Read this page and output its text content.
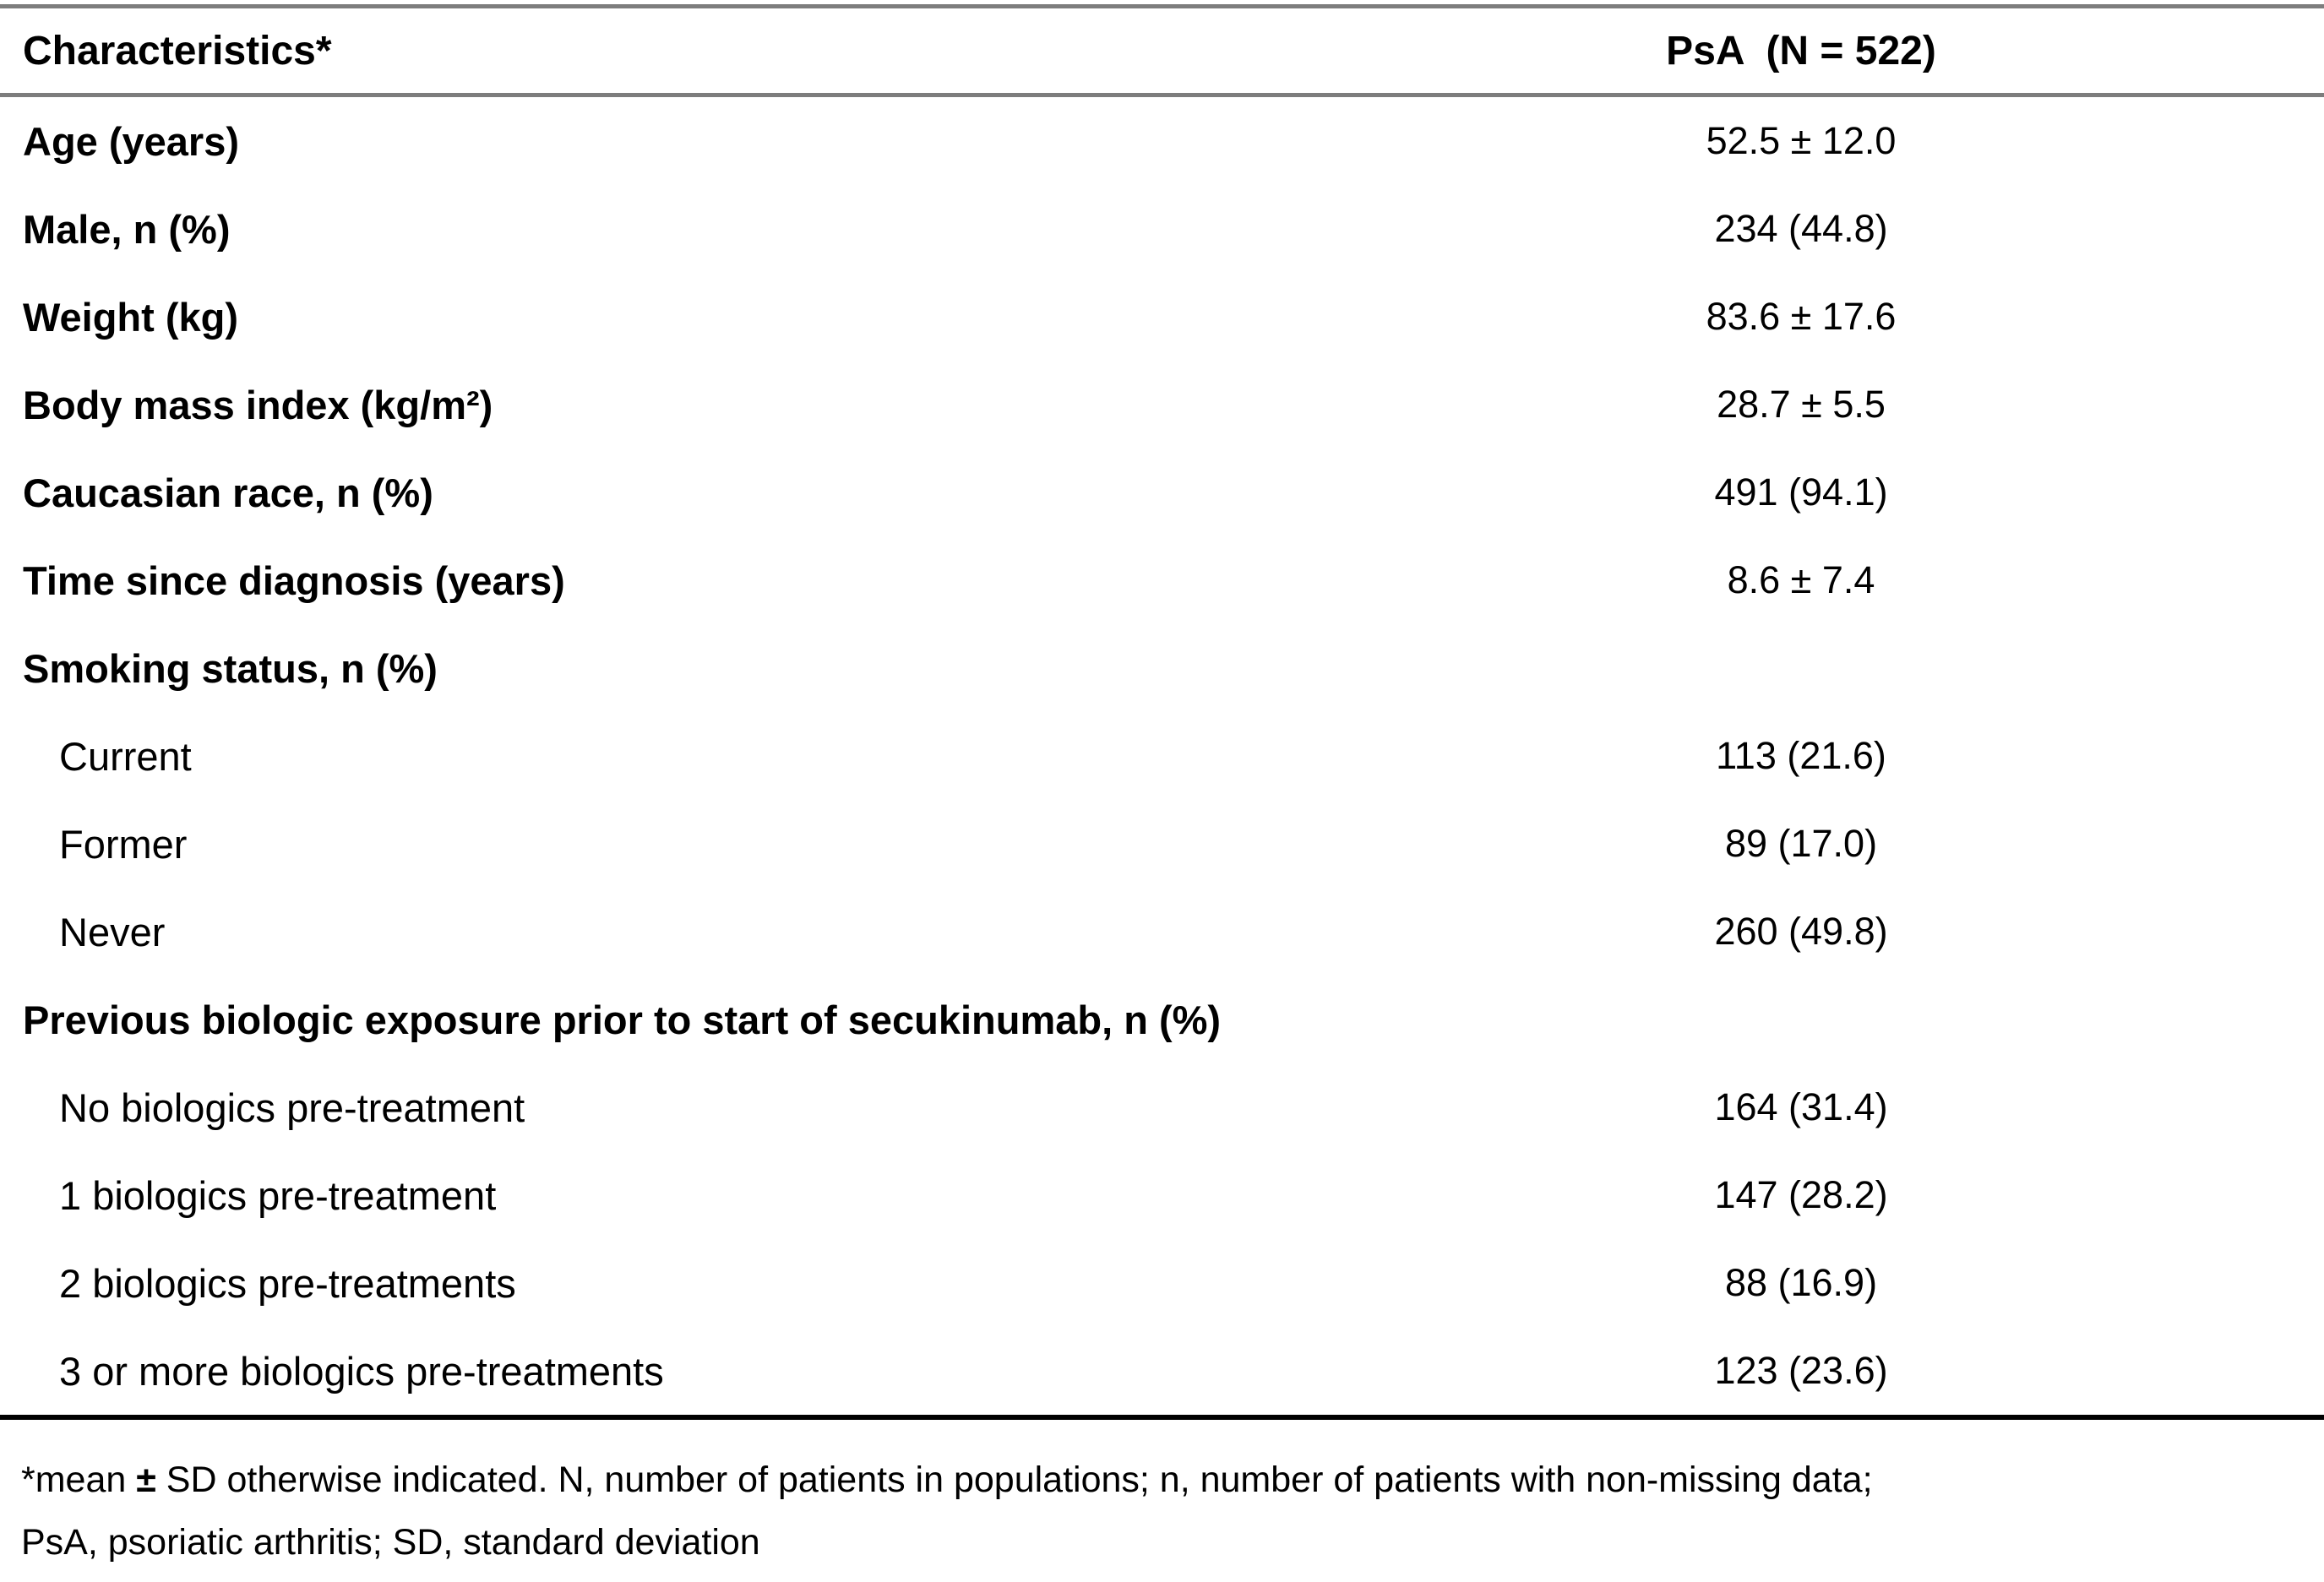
Characteristics*	PsA  (N = 522)
Age (years)	52.5 ± 12.0
Male, n (%)	234 (44.8)
Weight (kg)	83.6 ± 17.6
Body mass index (kg/m²)	28.7 ± 5.5
Caucasian race, n (%)	491 (94.1)
Time since diagnosis (years)	8.6 ± 7.4
Smoking status, n (%)	
Current	113 (21.6)
Former	89 (17.0)
Never	260 (49.8)
Previous biologic exposure prior to start of secukinumab, n (%)	
No biologics pre-treatment	164 (31.4)
1 biologics pre-treatment	147 (28.2)
2 biologics pre-treatments	88 (16.9)
3 or more biologics pre-treatments	123 (23.6)
*mean ± SD otherwise indicated. N, number of patients in populations; n, number of patients with non-missing data;
PsA, psoriatic arthritis; SD, standard deviation
